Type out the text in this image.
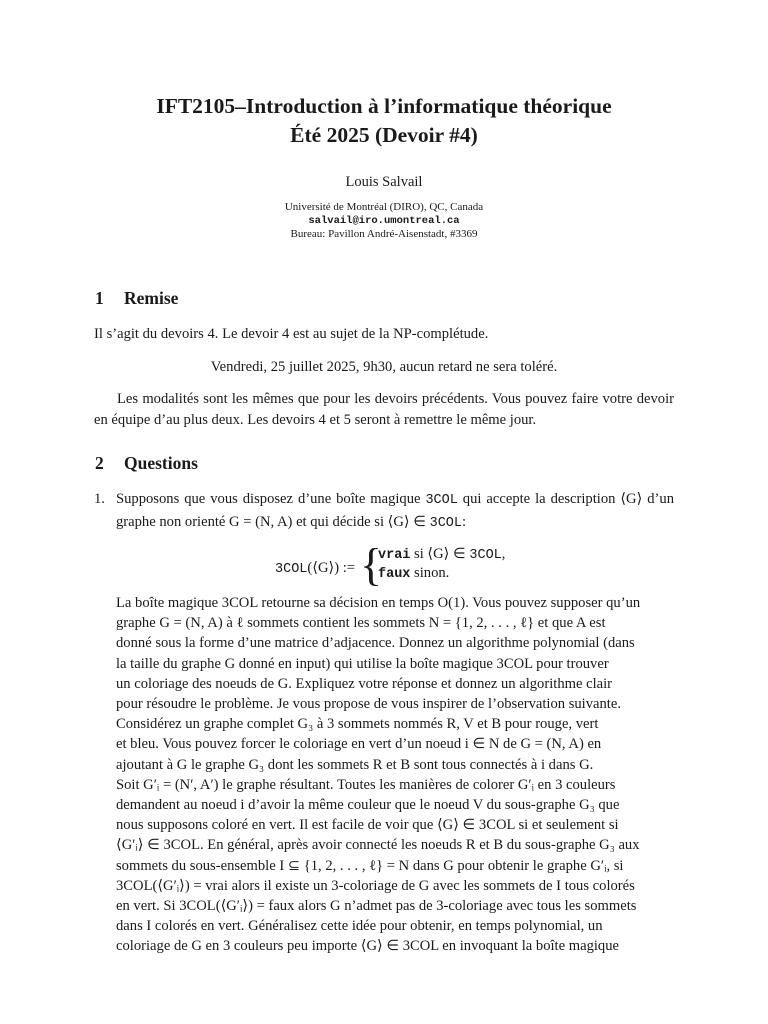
IFT2105–Introduction à l’informatique théorique
Été 2025 (Devoir #4)
Louis Salvail
Université de Montréal (DIRO), QC, Canada
salvail@iro.umontreal.ca
Bureau: Pavillon André-Aisenstadt, #3369
1 Remise
Il s’agit du devoirs 4. Le devoir 4 est au sujet de la NP-complétude.
Vendredi, 25 juillet 2025, 9h30, aucun retard ne sera toléré.
Les modalités sont les mêmes que pour les devoirs précédents. Vous pouvez faire votre devoir en équipe d’au plus deux. Les devoirs 4 et 5 seront à remettre le même jour.
2 Questions
1. Supposons que vous disposez d’une boîte magique 3COL qui accepte la description ⟨G⟩ d’un graphe non orienté G = (N, A) et qui décide si ⟨G⟩ ∈ 3COL:
3COL(⟨G⟩) := {
vrai si ⟨G⟩ ∈ 3COL,
faux sinon.
La boîte magique 3COL retourne sa décision en temps O(1). Vous pouvez supposer qu’un
graphe G = (N, A) à ℓ sommets contient les sommets N = {1, 2, . . . , ℓ} et que A est
donné sous la forme d’une matrice d’adjacence. Donnez un algorithme polynomial (dans
la taille du graphe G donné en input) qui utilise la boîte magique 3COL pour trouver
un coloriage des noeuds de G. Expliquez votre réponse et donnez un algorithme clair
pour résoudre le problème. Je vous propose de vous inspirer de l’observation suivante.
Considérez un graphe complet G₃ à 3 sommets nommés R, V et B pour rouge, vert
et bleu. Vous pouvez forcer le coloriage en vert d’un noeud i ∈ N de G = (N, A) en
ajoutant à G le graphe G₃ dont les sommets R et B sont tous connectés à i dans G.
Soit G′ᵢ = (N′, A′) le graphe résultant. Toutes les manières de colorer G′ᵢ en 3 couleurs
demandent au noeud i d’avoir la même couleur que le noeud V du sous-graphe G₃ que
nous supposons coloré en vert. Il est facile de voir que ⟨G⟩ ∈ 3COL si et seulement si
⟨G′ᵢ⟩ ∈ 3COL. En général, après avoir connecté les noeuds R et B du sous-graphe G₃ aux
sommets du sous-ensemble I ⊆ {1, 2, . . . , ℓ} = N dans G pour obtenir le graphe G′ᵢ, si
3COL(⟨G′ᵢ⟩) = vrai alors il existe un 3-coloriage de G avec les sommets de I tous colorés
en vert. Si 3COL(⟨G′ᵢ⟩) = faux alors G n’admet pas de 3-coloriage avec tous les sommets
dans I colorés en vert. Généralisez cette idée pour obtenir, en temps polynomial, un
coloriage de G en 3 couleurs peu importe ⟨G⟩ ∈ 3COL en invoquant la boîte magique
